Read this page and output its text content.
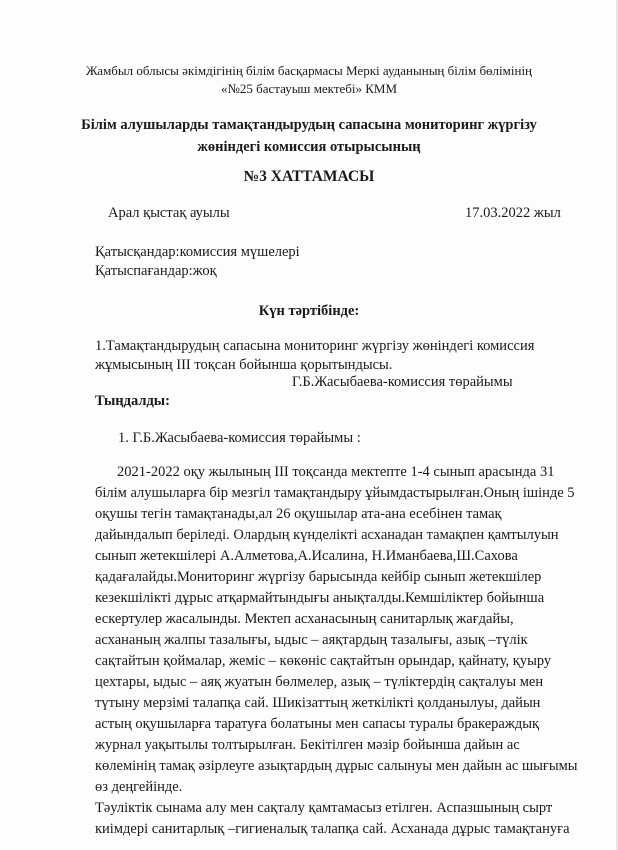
Жамбыл облысы әкімдігінің білім басқармасы Меркі ауданының білім бөлімінің
«№25 бастауыш мектебі» КММ
Білім алушыларды тамақтандырудың сапасына мониторинг жүргізу
жөніндегі комиссия отырысының
№3 ХАТТАМАСЫ
Арал қыстақ ауылы	17.03.2022 жыл
Қатысқандар:комиссия мүшелері
Қатыспағандар:жоқ
Күн тәртібінде:
1.Тамақтандырудың сапасына мониторинг жүргізу жөніндегі комиссия
жұмысының ІІІ тоқсан бойынша қорытындысы.
Г.Б.Жасыбаева-комиссия төрайымы
Тыңдалды:
1. Г.Б.Жасыбаева-комиссия төрайымы :
2021-2022 оқу жылының ІІІ тоқсанда мектепте 1-4 сынып арасында 31
білім алушыларға бір мезгіл тамақтандыру ұйымдастырылған.Оның ішінде 5
оқушы тегін тамақтанады,ал 26 оқушылар ата-ана есебінен тамақ
дайындалып беріледі. Олардың күнделікті асханадан тамақпен қамтылуын
сынып жетекшілері А.Алметова,А.Исалина, Н.Иманбаева,Ш.Сахова
қадағалайды.Мониторинг жүргізу барысында кейбір сынып жетекшілер
кезекшілікті дұрыс атқармайтындығы анықталды.Кемшіліктер бойынша
ескертулер жасалынды. Мектеп асханасының санитарлық жағдайы,
асхананың жалпы тазалығы, ыдыс – аяқтардың тазалығы, азық –түлік
сақтайтын қоймалар, жеміс – көкөніс сақтайтын орындар, қайнату, қуыру
цехтары, ыдыс – аяқ жуатын бөлмелер, азық – түліктердің сақталуы мен
түтыну мерзімі талапқа сай. Шикізаттың жеткілікті қолданылуы, дайын
астың оқушыларға таратуға болатыны мен сапасы туралы бракераждық
журнал уақытылы толтырылған. Бекітілген мәзір бойынша дайын ас
көлемінің тамақ әзірлеуге азықтардың дұрыс салынуы мен дайын ас шығымы
өз деңгейінде.
Тәуліктік сынама алу мен сақталу қамтамасыз етілген. Аспазшының сырт
киімдері санитарлық –гигиеналық талапқа сай. Асханада дұрыс тамақтануға
